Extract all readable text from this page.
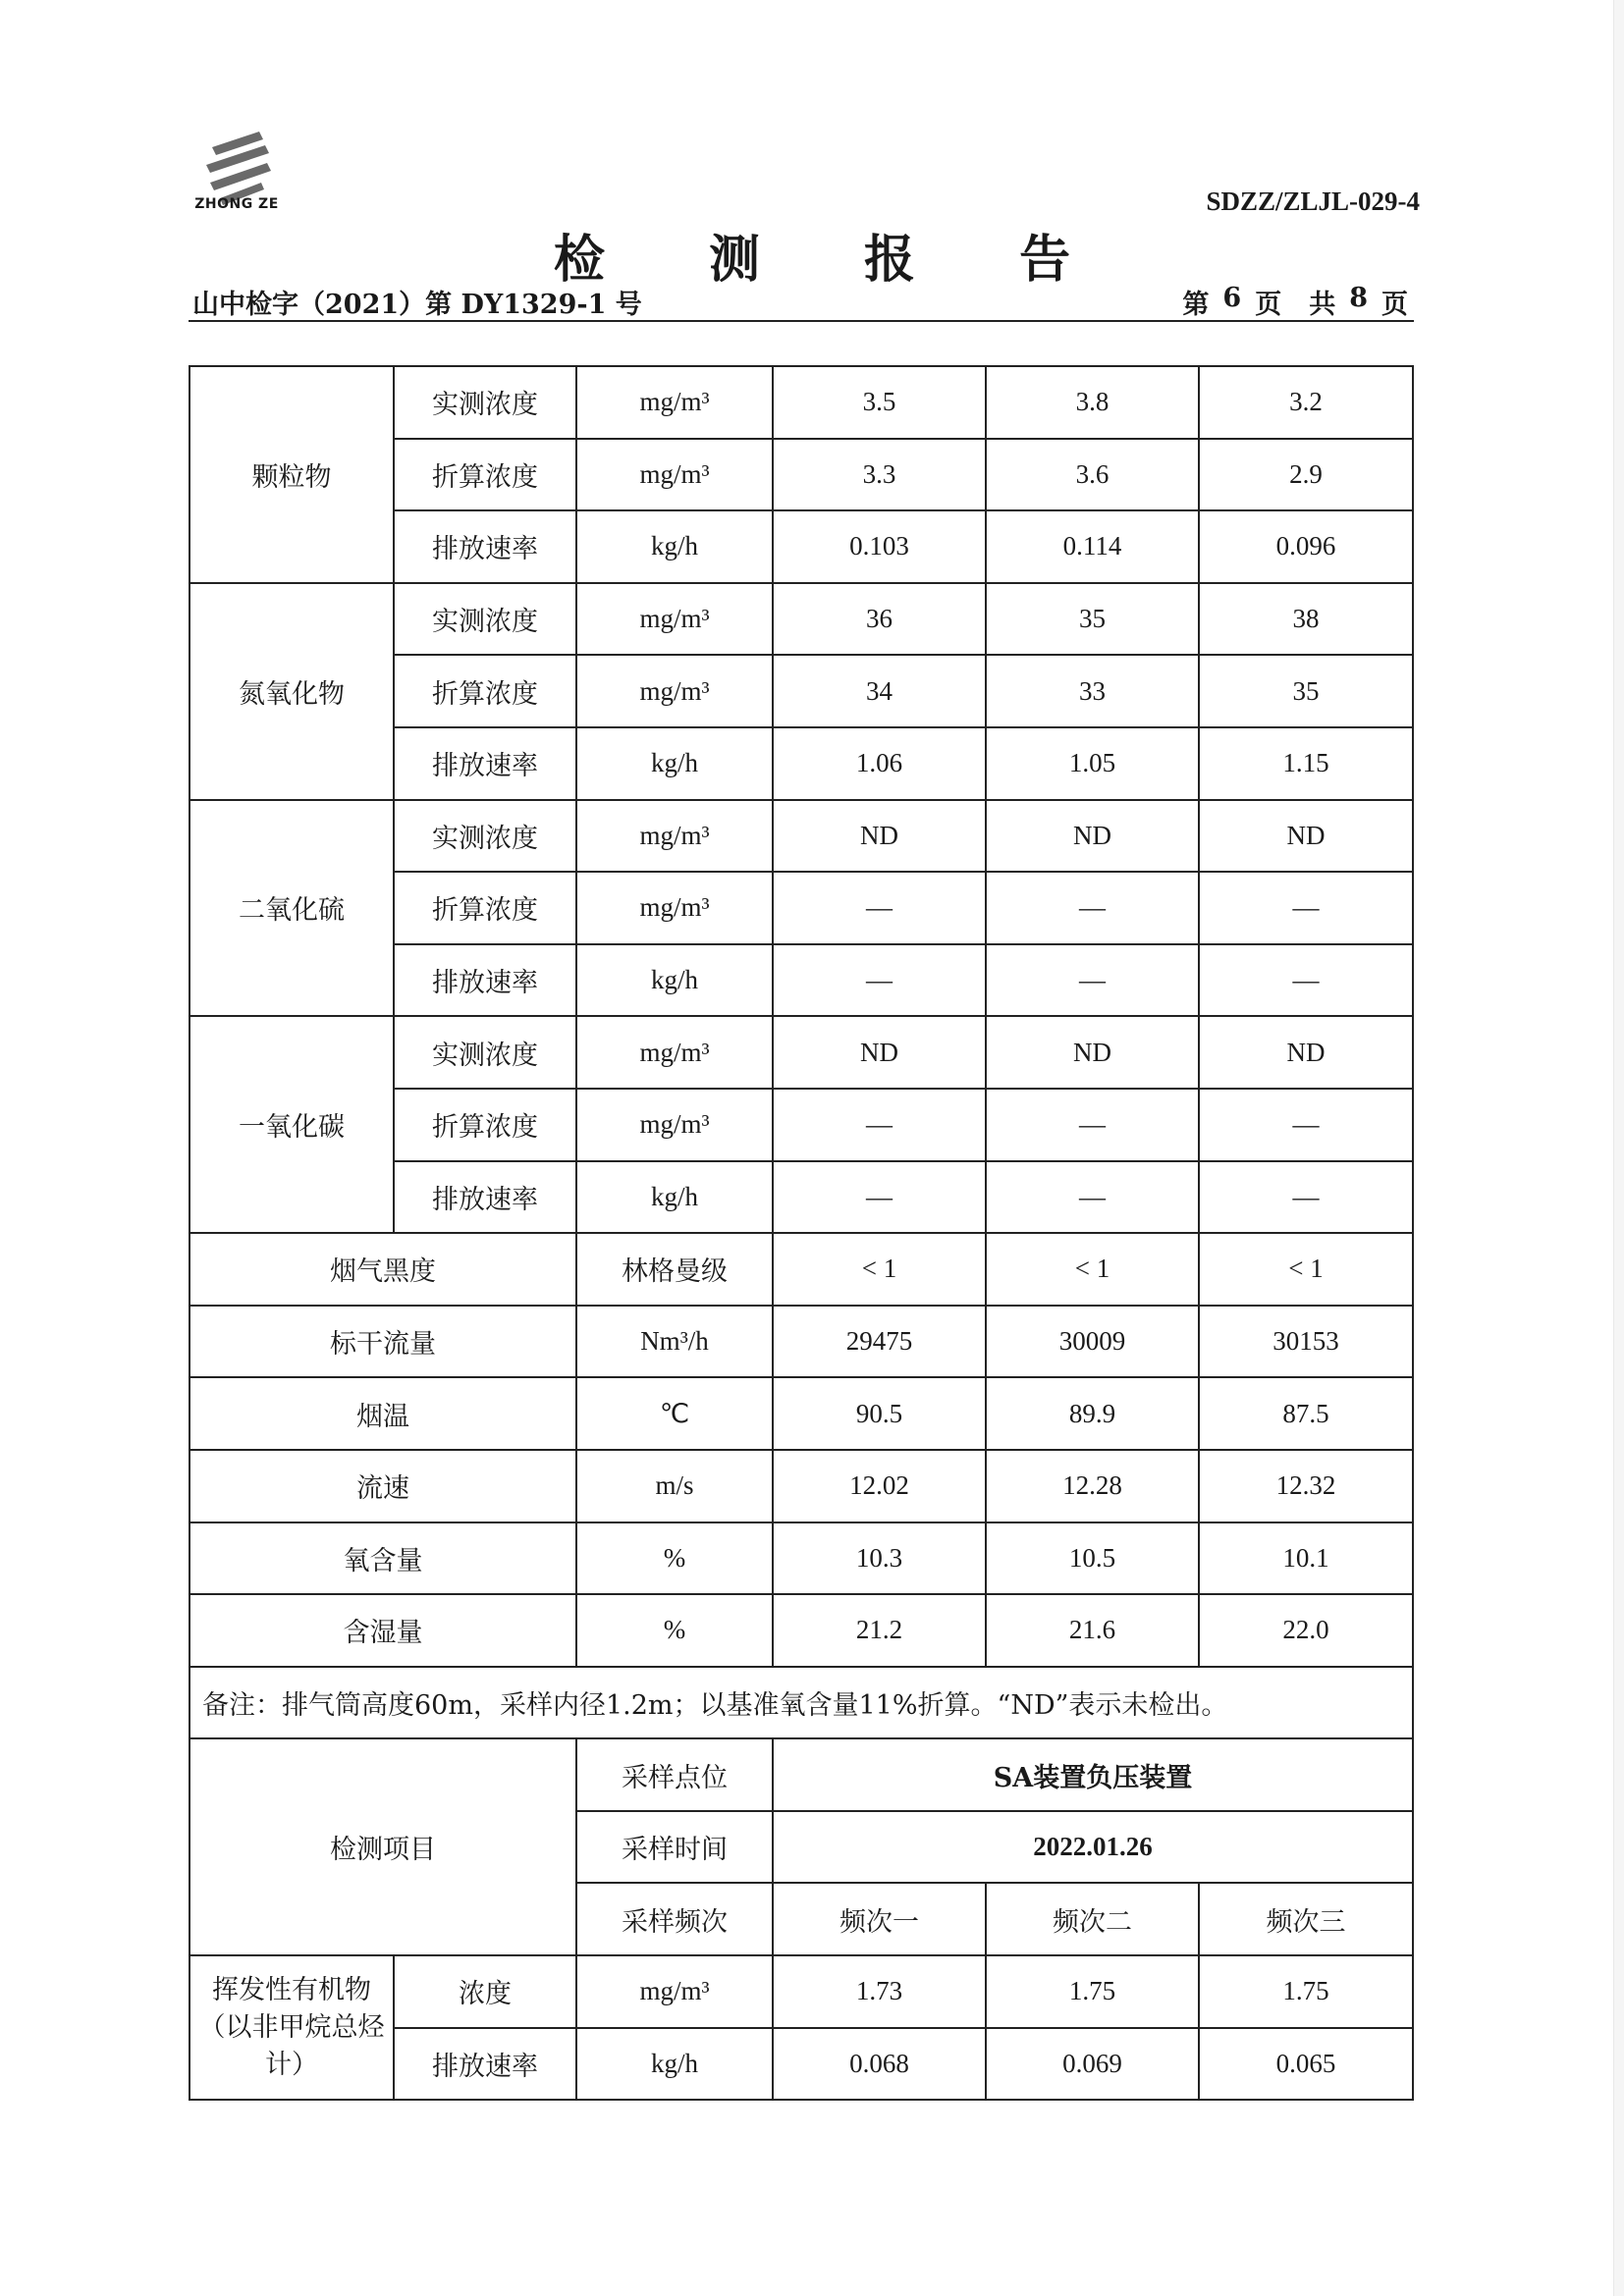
ZHONG ZE	SDZZ/ZLJL-029-4
检 测 报 告
山中检字（2021）第 DY1329-1 号	第 6 页 共 8 页
颗粒物	实测浓度	mg/m³	3.5	3.8	3.2
	折算浓度	mg/m³	3.3	3.6	2.9
	排放速率	kg/h	0.103	0.114	0.096
氮氧化物	实测浓度	mg/m³	36	35	38
	折算浓度	mg/m³	34	33	35
	排放速率	kg/h	1.06	1.05	1.15
二氧化硫	实测浓度	mg/m³	ND	ND	ND
	折算浓度	mg/m³	—	—	—
	排放速率	kg/h	—	—	—
一氧化碳	实测浓度	mg/m³	ND	ND	ND
	折算浓度	mg/m³	—	—	—
	排放速率	kg/h	—	—	—
烟气黑度		林格曼级	< 1	< 1	< 1
标干流量		Nm³/h	29475	30009	30153
烟温		℃	90.5	89.9	87.5
流速		m/s	12.02	12.28	12.32
氧含量		%	10.3	10.5	10.1
含湿量		%	21.2	21.6	22.0
备注：排气筒高度60m，采样内径1.2m；以基准氧含量11%折算。“ND”表示未检出。					
检测项目		采样点位	SA装置负压装置		
		采样时间	2022.01.26		
		采样频次	频次一	频次二	频次三
挥发性有机物（以非甲烷总烃计）	浓度	mg/m³	1.73	1.75	1.75
	排放速率	kg/h	0.068	0.069	0.065
